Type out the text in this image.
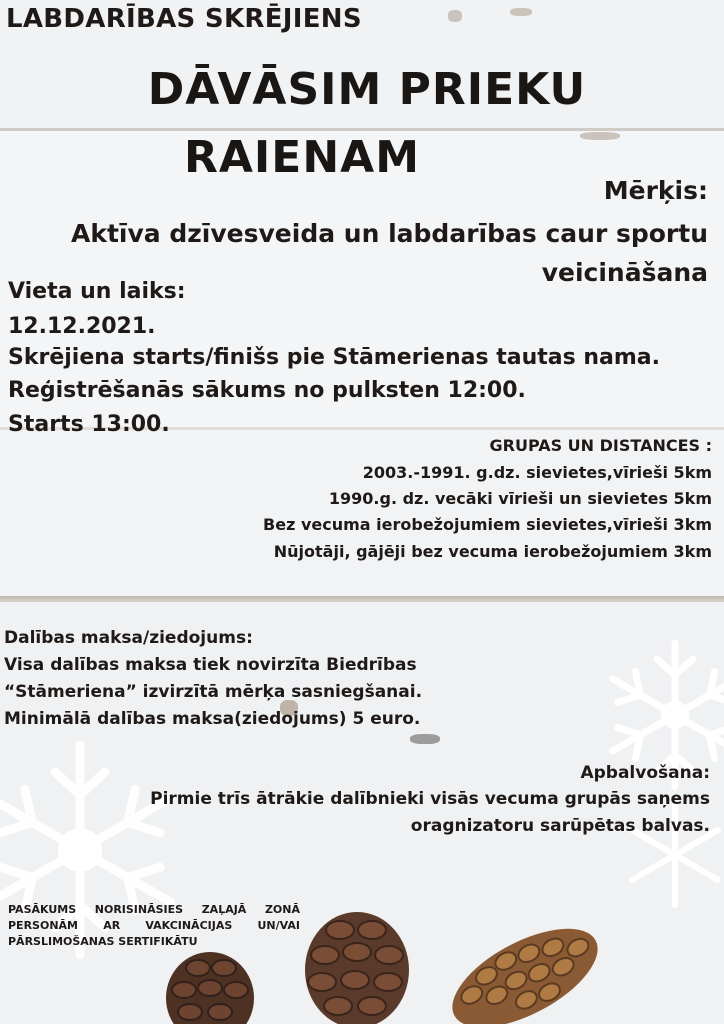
LABDARĪBAS SKRĒJIENS
DĀVĀSIM PRIEKU
RAIENAM
Mērķis:
Aktīva dzīvesveida un labdarības caur sportu
veicināšana
Vieta un laiks:
12.12.2021.
Skrējiena starts/finišs pie Stāmerienas tautas nama.
Reģistrēšanās sākums no pulksten 12:00.
Starts 13:00.
GRUPAS UN DISTANCES :
2003.-1991. g.dz. sievietes,vīrieši 5km
1990.g. dz. vecāki vīrieši un sievietes 5km
Bez vecuma ierobežojumiem sievietes,vīrieši 3km
Nūjotāji, gājēji bez vecuma ierobežojumiem 3km
Dalības maksa/ziedojums:
Visa dalības maksa tiek novirzīta Biedrības
“Stāmeriena” izvirzītā mērķa sasniegšanai.
Minimālā dalības maksa(ziedojums) 5 euro.
Apbalvošana:
Pirmie trīs ātrākie dalībnieki visās vecuma grupās saņems
oragnizatoru sarūpētas balvas.
PASĀKUMS NORISINĀSIES ZAĻAJĀ ZONĀ PERSONĀM AR VAKCINĀCIJAS UN/VAI PĀRSLIMOŠANAS SERTIFIKĀTU
